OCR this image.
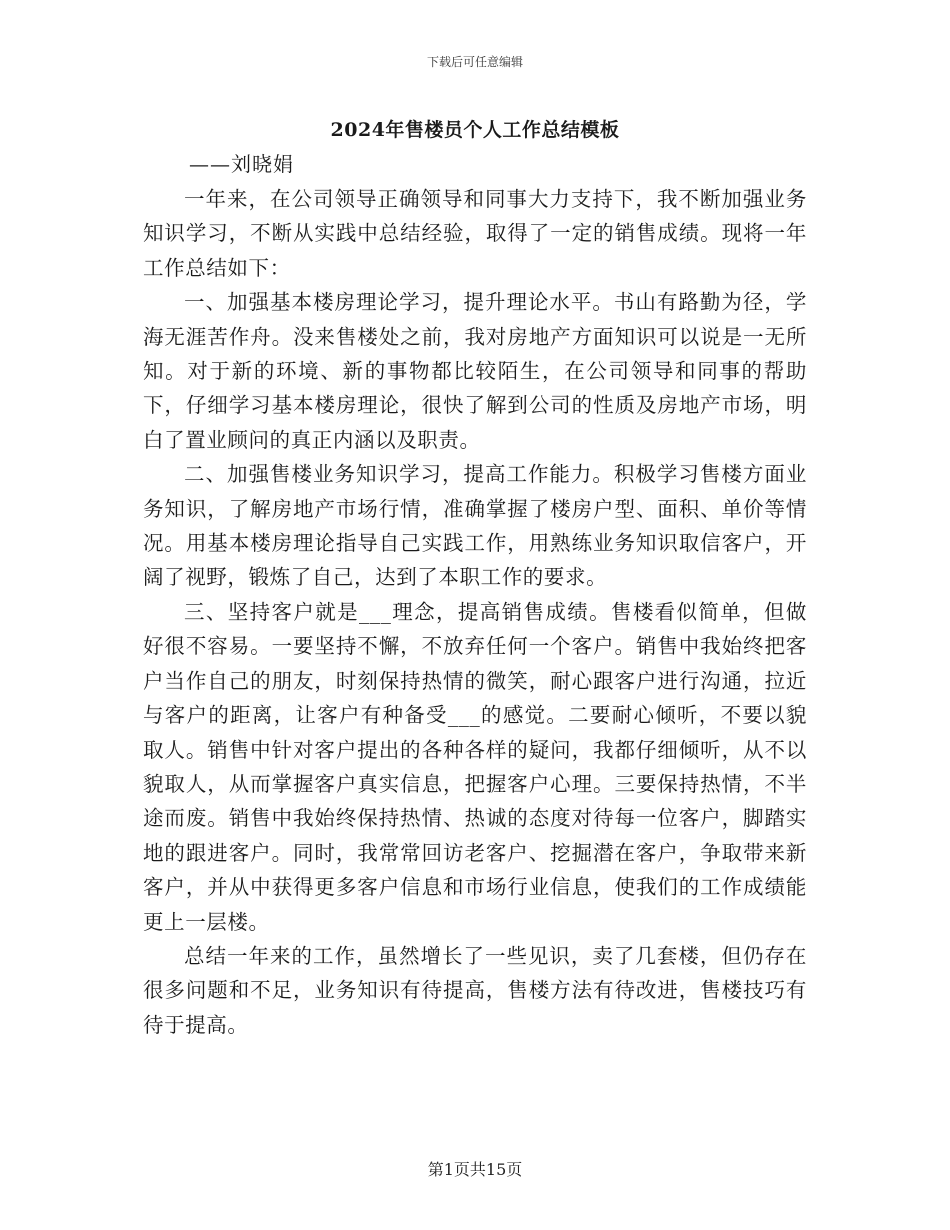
下载后可任意编辑
2024年售楼员个人工作总结模板
——刘晓娟

一年来，在公司领导正确领导和同事大力支持下，我不断加强业务知识学习，不断从实践中总结经验，取得了一定的销售成绩。现将一年工作总结如下：

一、加强基本楼房理论学习，提升理论水平。书山有路勤为径，学海无涯苦作舟。没来售楼处之前，我对房地产方面知识可以说是一无所知。对于新的环境、新的事物都比较陌生，在公司领导和同事的帮助下，仔细学习基本楼房理论，很快了解到公司的性质及房地产市场，明白了置业顾问的真正内涵以及职责。

二、加强售楼业务知识学习，提高工作能力。积极学习售楼方面业务知识，了解房地产市场行情，准确掌握了楼房户型、面积、单价等情况。用基本楼房理论指导自己实践工作，用熟练业务知识取信客户，开阔了视野，锻炼了自己，达到了本职工作的要求。

三、坚持客户就是___理念，提高销售成绩。售楼看似简单，但做好很不容易。一要坚持不懈，不放弃任何一个客户。销售中我始终把客户当作自己的朋友，时刻保持热情的微笑，耐心跟客户进行沟通，拉近与客户的距离，让客户有种备受___的感觉。二要耐心倾听，不要以貌取人。销售中针对客户提出的各种各样的疑问，我都仔细倾听，从不以貌取人，从而掌握客户真实信息，把握客户心理。三要保持热情，不半途而废。销售中我始终保持热情、热诚的态度对待每一位客户，脚踏实地的跟进客户。同时，我常常回访老客户、挖掘潜在客户，争取带来新客户，并从中获得更多客户信息和市场行业信息，使我们的工作成绩能更上一层楼。

总结一年来的工作，虽然增长了一些见识，卖了几套楼，但仍存在很多问题和不足，业务知识有待提高，售楼方法有待改进，售楼技巧有待于提高。

第1页共15页
